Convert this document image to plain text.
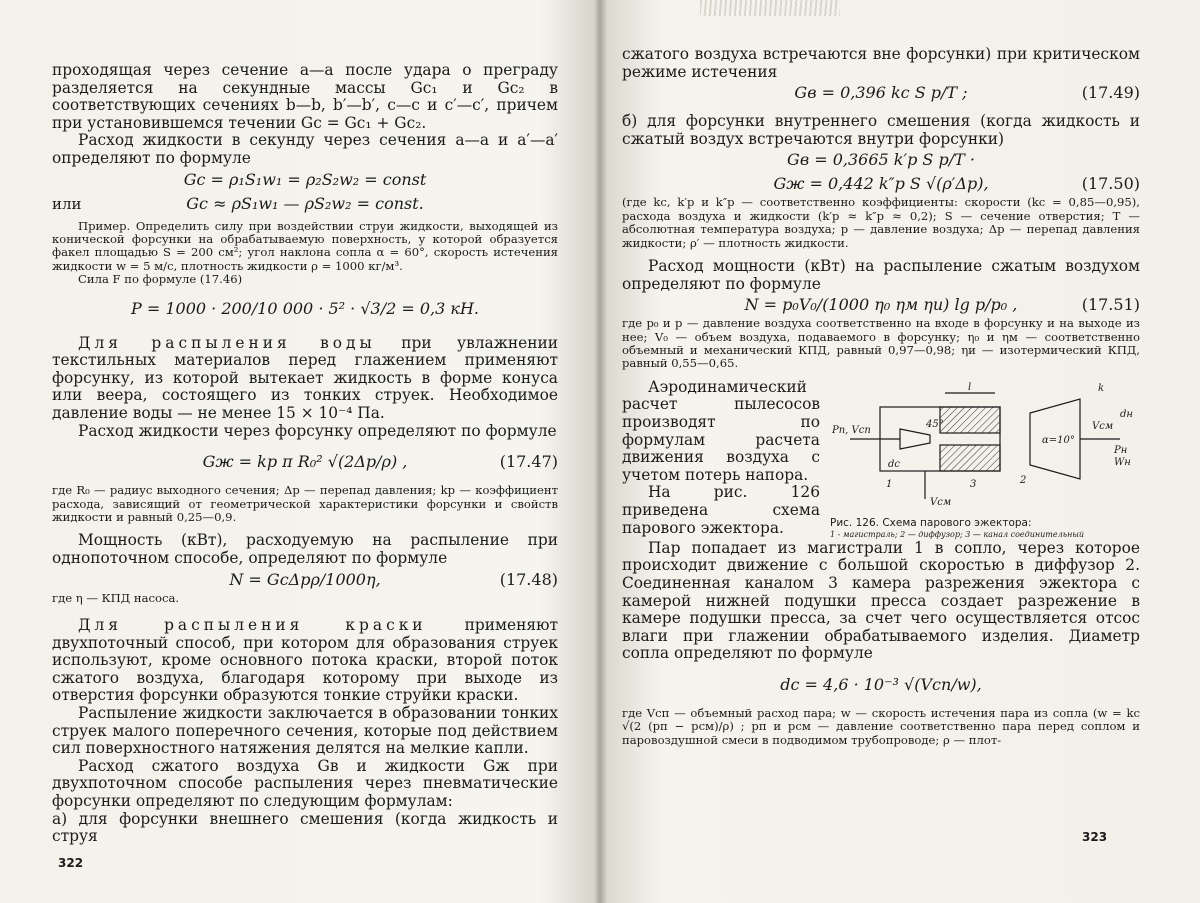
проходящая через сечение a—a после удара о преграду разделяется на секундные массы Gc₁ и Gc₂ в соответствующих сечениях b—b, b′—b′, c—c и c′—c′, причем при установившемся течении Gc = Gc₁ + Gc₂.

Расход жидкости в секунду через сечения a—a и a′—a′ определяют по формуле

Gc = ρ₁S₁w₁ = ρ₂S₂w₂ = const
или	Gc ≈ ρS₁w₁ — ρS₂w₂ = const.

Пример. Определить силу при воздействии струи жидкости, выходящей из конической форсунки на обрабатываемую поверхность, у которой образуется факел площадью S = 200 см²; угол наклона сопла α = 60°, скорость истечения жидкости w = 5 м/с, плотность жидкости ρ = 1000 кг/м³.

Сила F по формуле (17.46)

P = 1000 · 200/10 000 · 5² · √3/2 = 0,3 кН.

Для распыления воды при увлажнении текстильных материалов перед глажением применяют форсунку, из которой вытекает жидкость в форме конуса или веера, состоящего из тонких струек. Необходимое давление воды — не менее 15 × 10⁻⁴ Па.

Расход жидкости через форсунку определяют по формуле

Gж = kр π R₀² √(2Δp/ρ) ,	(17.47)

где R₀ — радиус выходного сечения; Δp — перепад давления; kр — коэффициент расхода, зависящий от геометрической характеристики форсунки и свойств жидкости и равный 0,25—0,9.

Мощность (кВт), расходуемую на распыление при однопоточном способе, определяют по формуле

N = GсΔpρ/1000η,	(17.48)

где η — КПД насоса.

Для распыления краски применяют двухпоточный способ, при котором для образования струек используют, кроме основного потока краски, второй поток сжатого воздуха, благодаря которому при выходе из отверстия форсунки образуются тонкие струйки краски.

Распыление жидкости заключается в образовании тонких струек малого поперечного сечения, которые под действием сил поверхностного натяжения делятся на мелкие капли.

Расход сжатого воздуха Gв и жидкости Gж при двухпоточном способе распыления через пневматические форсунки определяют по следующим формулам:

а) для форсунки внешнего смешения (когда жидкость и струя

322

сжатого воздуха встречаются вне форсунки) при критическом режиме истечения

Gв = 0,396 kc S p/T ;	(17.49)

б) для форсунки внутреннего смешения (когда жидкость и сжатый воздух встречаются внутри форсунки)

Gв = 0,3665 k′р S p/T ·
Gж = 0,442 k″р S √(ρ′Δp),	(17.50)

(где kc, k′р и k″р — соответственно коэффициенты: скорости (kc = 0,85—0,95), расхода воздуха и жидкости (k′р ≈ k″р ≈ 0,2); S — сечение отверстия; T — абсолютная температура воздуха; p — давление воздуха; Δp — перепад давления жидкости; ρ′ — плотность жидкости.

Расход мощности (кВт) на распыление сжатым воздухом определяют по формуле

N = p₀V₀/(1000 η₀ ηм ηи) lg p/p₀ ,	(17.51)

где p₀ и p — давление воздуха соответственно на входе в форсунку и на выходе из нее; V₀ — объем воздуха, подаваемого в форсунку; η₀ и ηм — соответственно объемный и механический КПД, равный 0,97—0,98; ηи — изотермический КПД, равный 0,55—0,65.

Аэродинамический расчет пылесосов производят по формулам расчета движения воздуха с учетом потерь напора.

На рис. 126 приведена схема парового эжектора.

l	k
Pп, Vсп
dc
45°
Vсм
Pн
Wн
Vсм
dн
α=10°
1	3	2
Рис. 126. Схема парового эжектора:
1 - магистраль; 2 — диффузор; 3 — канал соединительный

Пар попадает из магистрали 1 в сопло, через которое происходит движение с большой скоростью в диффузор 2. Соединенная каналом 3 камера разрежения эжектора с камерой нижней подушки пресса создает разрежение в камере подушки пресса, за счет чего осуществляется отсос влаги при глажении обрабатываемого изделия. Диаметр сопла определяют по формуле

dc = 4,6 · 10⁻³ √(Vсп/w),

где Vсп — объемный расход пара; w — скорость истечения пара из сопла (w = kc √(2 (pп − pсм)/ρ) ; pп и pсм — давление соответственно пара перед соплом и паровоздушной смеси в подводимом трубопроводе; ρ — плот-

323
